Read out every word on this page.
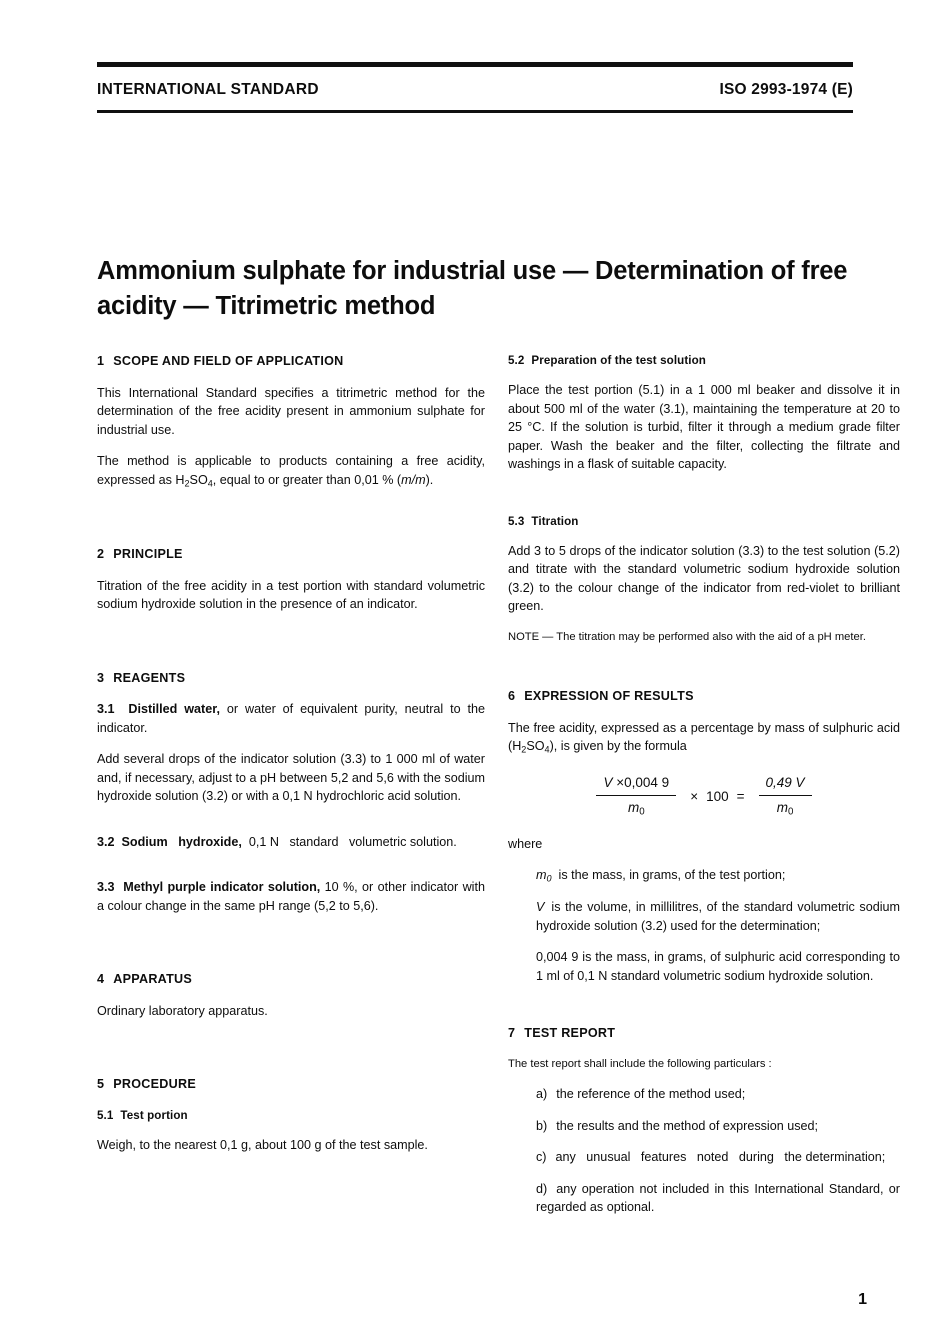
INTERNATIONAL STANDARD	ISO 2993-1974 (E)
Ammonium sulphate for industrial use — Determination of free acidity — Titrimetric method
1 SCOPE AND FIELD OF APPLICATION

This International Standard specifies a titrimetric method for the determination of the free acidity present in ammonium sulphate for industrial use.

The method is applicable to products containing a free acidity, expressed as $H_2SO_4$, equal to or greater than 0,01 % (m/m).

2 PRINCIPLE

Titration of the free acidity in a test portion with standard volumetric sodium hydroxide solution in the presence of an indicator.

3 REAGENTS

3.1 Distilled water, or water of equivalent purity, neutral to the indicator.

Add several drops of the indicator solution (3.3) to 1 000 ml of water and, if necessary, adjust to a pH between 5,2 and 5,6 with the sodium hydroxide solution (3.2) or with a 0,1 N hydrochloric acid solution.

3.2 Sodium   hydroxide,  0,1 N   standard   volumetric solution.

3.3 Methyl purple indicator solution, 10 %, or other indicator with a colour change in the same pH range (5,2 to 5,6).

4 APPARATUS

Ordinary laboratory apparatus.

5 PROCEDURE
5.1 Test portion

Weigh, to the nearest 0,1 g, about 100 g of the test sample.

5.2 Preparation of the test solution

Place the test portion (5.1) in a 1 000 ml beaker and dissolve it in about 500 ml of the water (3.1), maintaining the temperature at 20 to 25 °C. If the solution is turbid, filter it through a medium grade filter paper. Wash the beaker and the filter, collecting the filtrate and washings in a flask of suitable capacity.

5.3 Titration

Add 3 to 5 drops of the indicator solution (3.3) to the test solution (5.2) and titrate with the standard volumetric sodium hydroxide solution (3.2) to the colour change of the indicator from red-violet to brilliant green.

NOTE — The titration may be performed also with the aid of a pH meter.

6 EXPRESSION OF RESULTS

The free acidity, expressed as a percentage by mass of sulphuric acid $(H_2SO_4)$, is given by the formula

$\frac{V \times 0,004 9}{m_0} \times 100 = \frac{0,49 V}{m_0}$

where

$m_0$ is the mass, in grams, of the test portion;

V is the volume, in millilitres, of the standard volumetric sodium hydroxide solution (3.2) used for the determination;

0,004 9 is the mass, in grams, of sulphuric acid corresponding to 1 ml of 0,1 N standard volumetric sodium hydroxide solution.

7 TEST REPORT

The test report shall include the following particulars :

a) the reference of the method used;

b) the results and the method of expression used;

c) any   unusual   features   noted   during   the determination;

d) any operation not included in this International Standard, or regarded as optional.

1
